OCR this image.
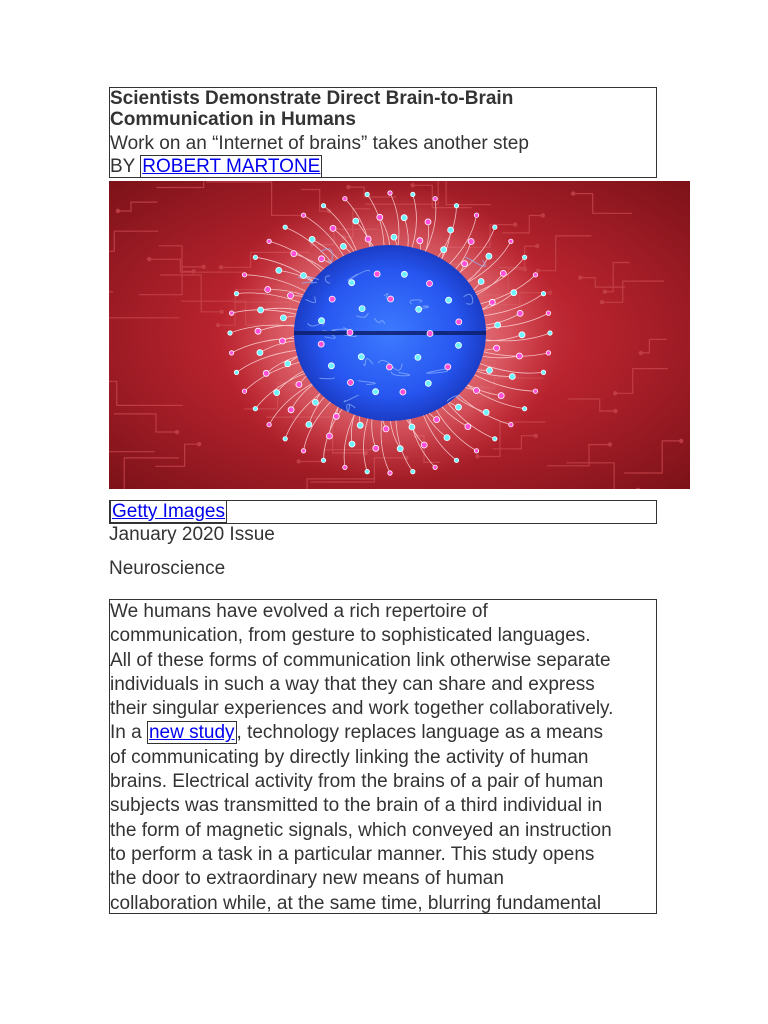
Scientists Demonstrate Direct Brain-to-Brain
Communication in Humans

Work on an “Internet of brains” takes another step

BY ROBERT MARTONE

Getty Images

January 2020 Issue

Neuroscience

We humans have evolved a rich repertoire of
communication, from gesture to sophisticated languages.
All of these forms of communication link otherwise separate
individuals in such a way that they can share and express
their singular experiences and work together collaboratively.
In a new study , technology replaces language as a means
of communicating by directly linking the activity of human
brains. Electrical activity from the brains of a pair of human
subjects was transmitted to the brain of a third individual in
the form of magnetic signals, which conveyed an instruction
to perform a task in a particular manner. This study opens
the door to extraordinary new means of human
collaboration while, at the same time, blurring fundamental
